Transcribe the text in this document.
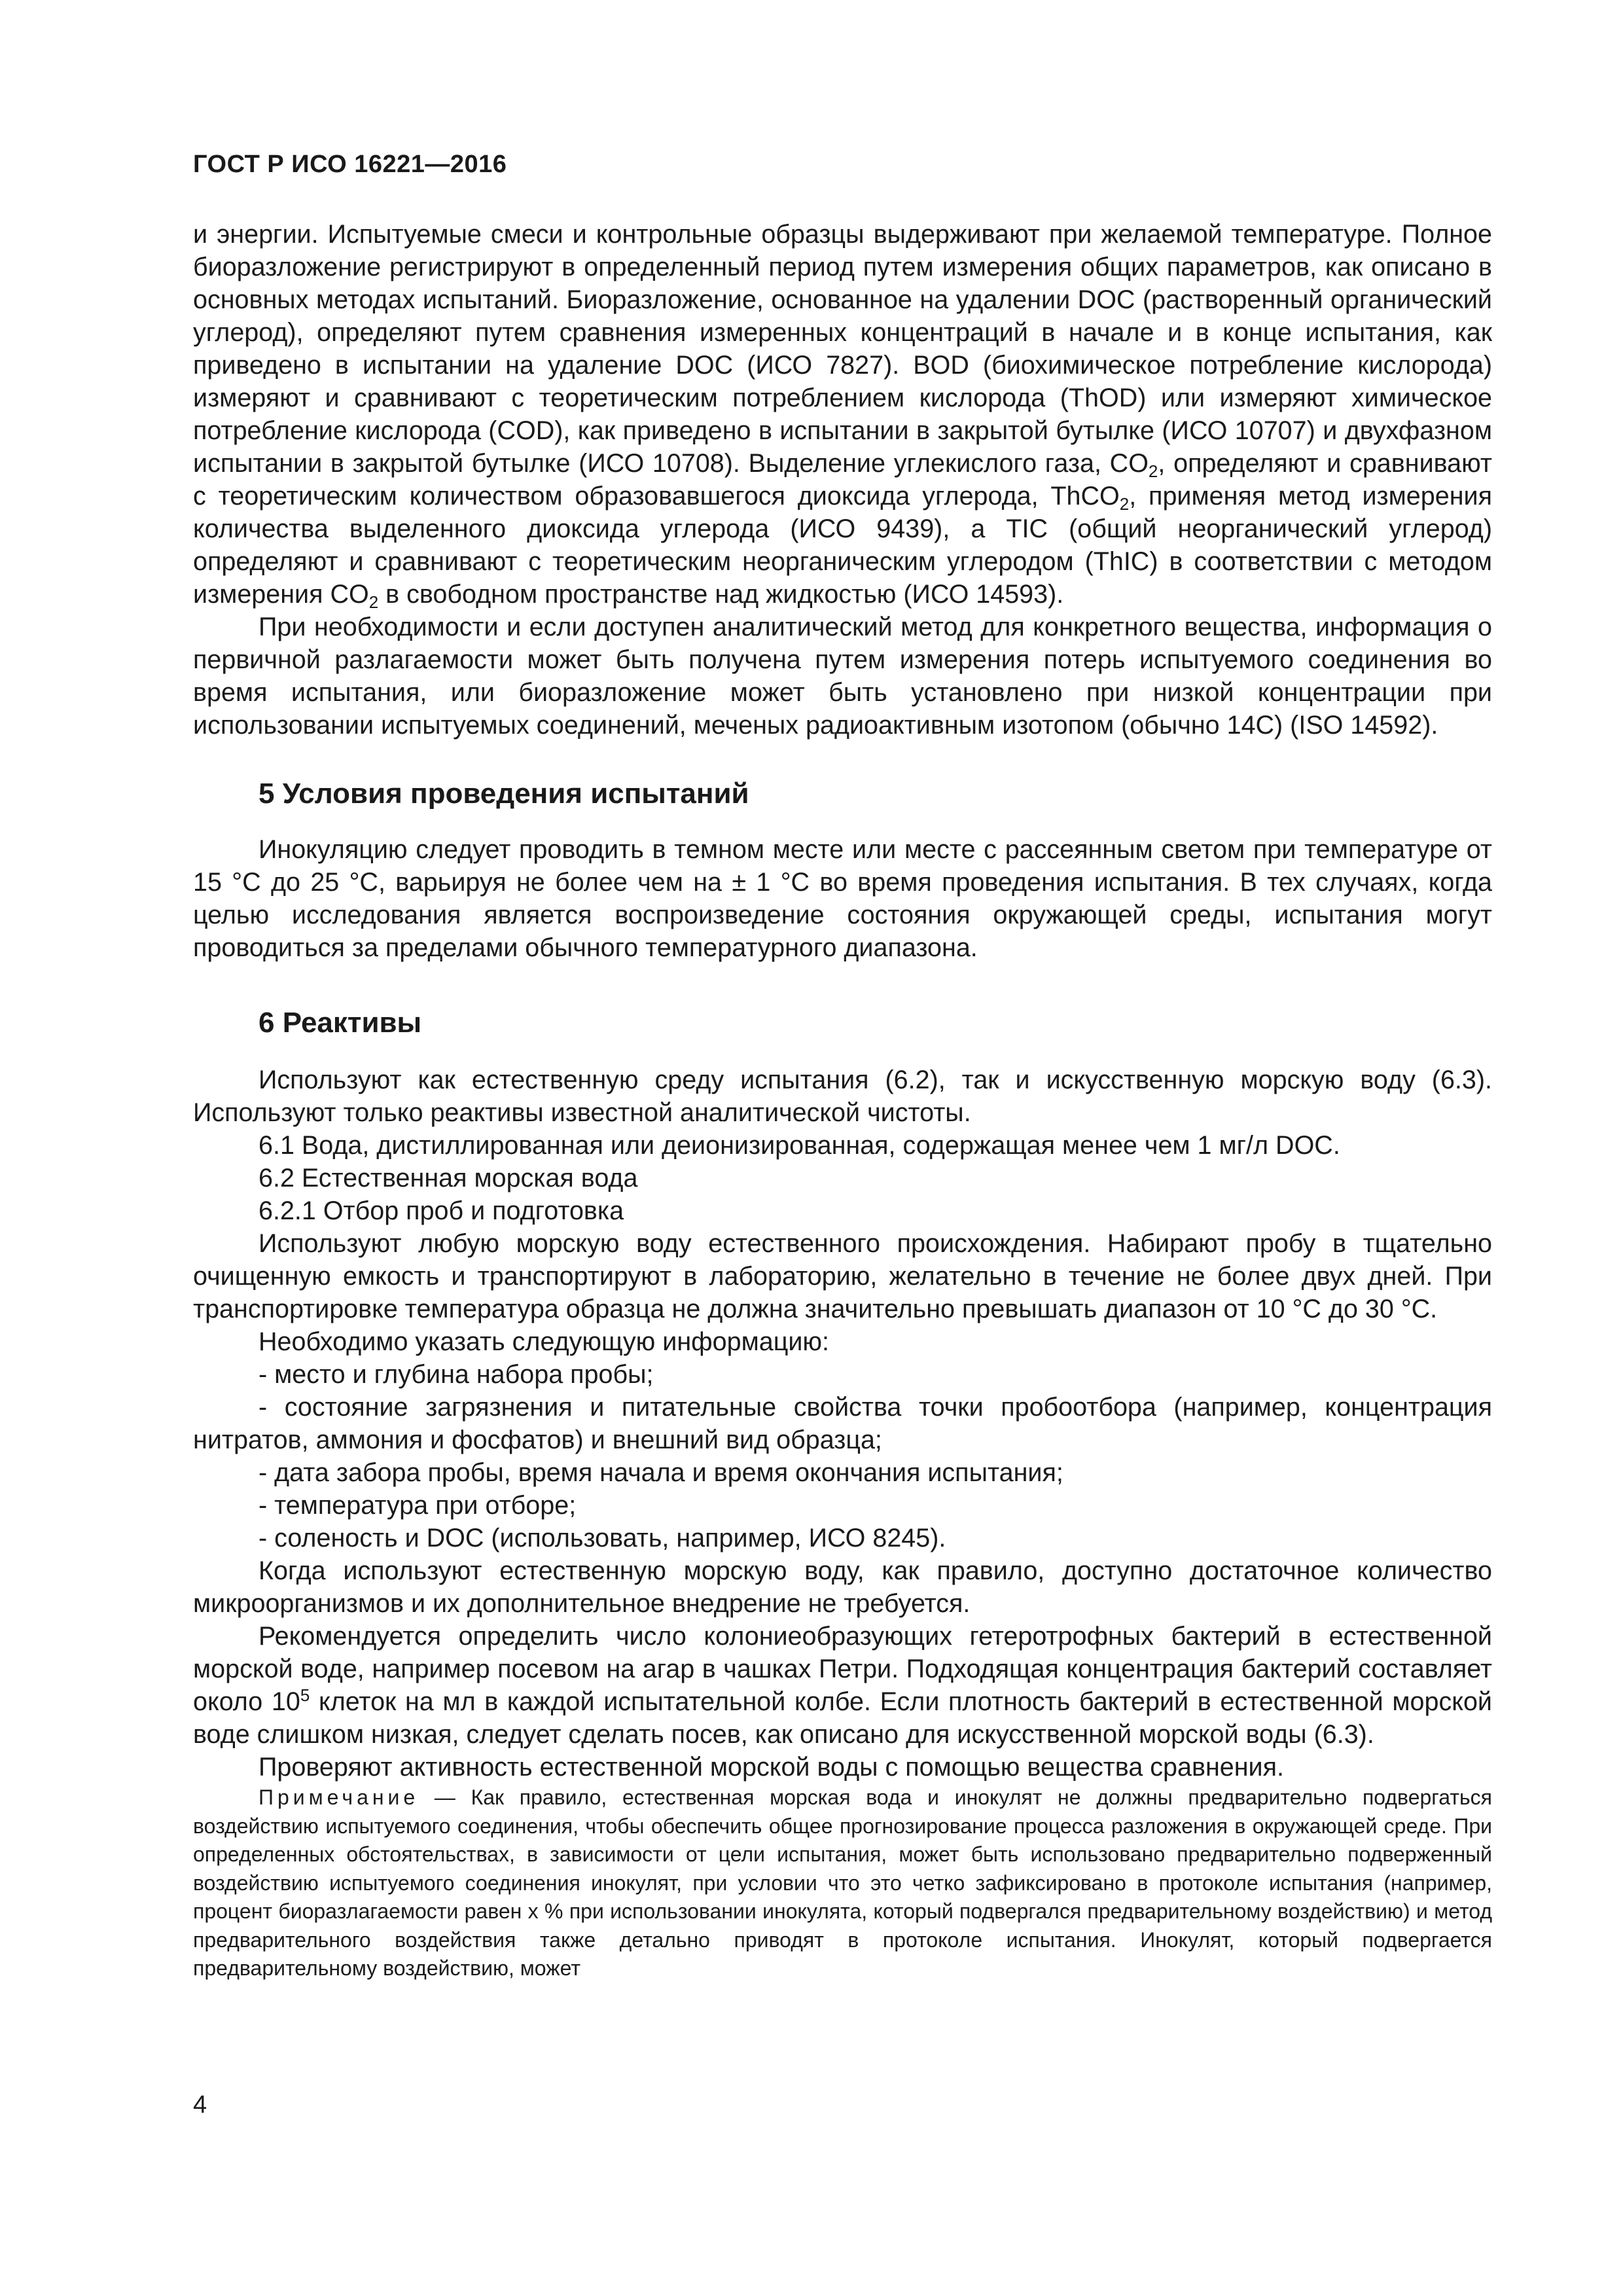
ГОСТ Р ИСО 16221—2016

и энергии. Испытуемые смеси и контрольные образцы выдерживают при желаемой температуре. Полное биоразложение регистрируют в определенный период путем измерения общих параметров, как описано в основных методах испытаний. Биоразложение, основанное на удалении DOC (растворенный органический углерод), определяют путем сравнения измеренных концентраций в начале и в конце испытания, как приведено в испытании на удаление DOC (ИСО 7827). BOD (биохимическое потребление кислорода) измеряют и сравнивают с теоретическим потреблением кислорода (ThOD) или измеряют химическое потребление кислорода (COD), как приведено в испытании в закрытой бутылке (ИСО 10707) и двухфазном испытании в закрытой бутылке (ИСО 10708). Выделение углекислого газа, $CO_2$, определяют и сравнивают с теоретическим количеством образовавшегося диоксида углерода, ThCO$_2$, применяя метод измерения количества выделенного диоксида углерода (ИСО 9439), а TIC (общий неорганический углерод) определяют и сравнивают с теоретическим неорганическим углеродом (ThIC) в соответствии с методом измерения $CO_2$ в свободном пространстве над жидкостью (ИСО 14593).

При необходимости и если доступен аналитический метод для конкретного вещества, информация о первичной разлагаемости может быть получена путем измерения потерь испытуемого соединения во время испытания, или биоразложение может быть установлено при низкой концентрации при использовании испытуемых соединений, меченых радиоактивным изотопом (обычно 14С) (ISO 14592).

5 Условия проведения испытаний

Инокуляцию следует проводить в темном месте или месте с рассеянным светом при температуре от 15 °С до 25 °С, варьируя не более чем на ± 1 °С во время проведения испытания. В тех случаях, когда целью исследования является воспроизведение состояния окружающей среды, испытания могут проводиться за пределами обычного температурного диапазона.

6 Реактивы

Используют как естественную среду испытания (6.2), так и искусственную морскую воду (6.3). Используют только реактивы известной аналитической чистоты.

6.1 Вода, дистиллированная или деионизированная, содержащая менее чем 1 мг/л DOC.

6.2 Естественная морская вода

6.2.1 Отбор проб и подготовка

Используют любую морскую воду естественного происхождения. Набирают пробу в тщательно очищенную емкость и транспортируют в лабораторию, желательно в течение не более двух дней. При транспортировке температура образца не должна значительно превышать диапазон от 10 °С до 30 °С.

Необходимо указать следующую информацию:

- место и глубина набора пробы;

- состояние загрязнения и питательные свойства точки пробоотбора (например, концентрация нитратов, аммония и фосфатов) и внешний вид образца;

- дата забора пробы, время начала и время окончания испытания;

- температура при отборе;

- соленость и DOC (использовать, например, ИСО 8245).

Когда используют естественную морскую воду, как правило, доступно достаточное количество микроорганизмов и их дополнительное внедрение не требуется.

Рекомендуется определить число колониеобразующих гетеротрофных бактерий в естественной морской воде, например посевом на агар в чашках Петри. Подходящая концентрация бактерий составляет около $10^5$ клеток на мл в каждой испытательной колбе. Если плотность бактерий в естественной морской воде слишком низкая, следует сделать посев, как описано для искусственной морской воды (6.3).

Проверяют активность естественной морской воды с помощью вещества сравнения.

Примечание — Как правило, естественная морская вода и инокулят не должны предварительно подвергаться воздействию испытуемого соединения, чтобы обеспечить общее прогнозирование процесса разложения в окружающей среде. При определенных обстоятельствах, в зависимости от цели испытания, может быть использовано предварительно подверженный воздействию испытуемого соединения инокулят, при условии что это четко зафиксировано в протоколе испытания (например, процент биоразлагаемости равен х % при использовании инокулята, который подвергался предварительному воздействию) и метод предварительного воздействия также детально приводят в протоколе испытания. Инокулят, который подвергается предварительному воздействию, может

4
